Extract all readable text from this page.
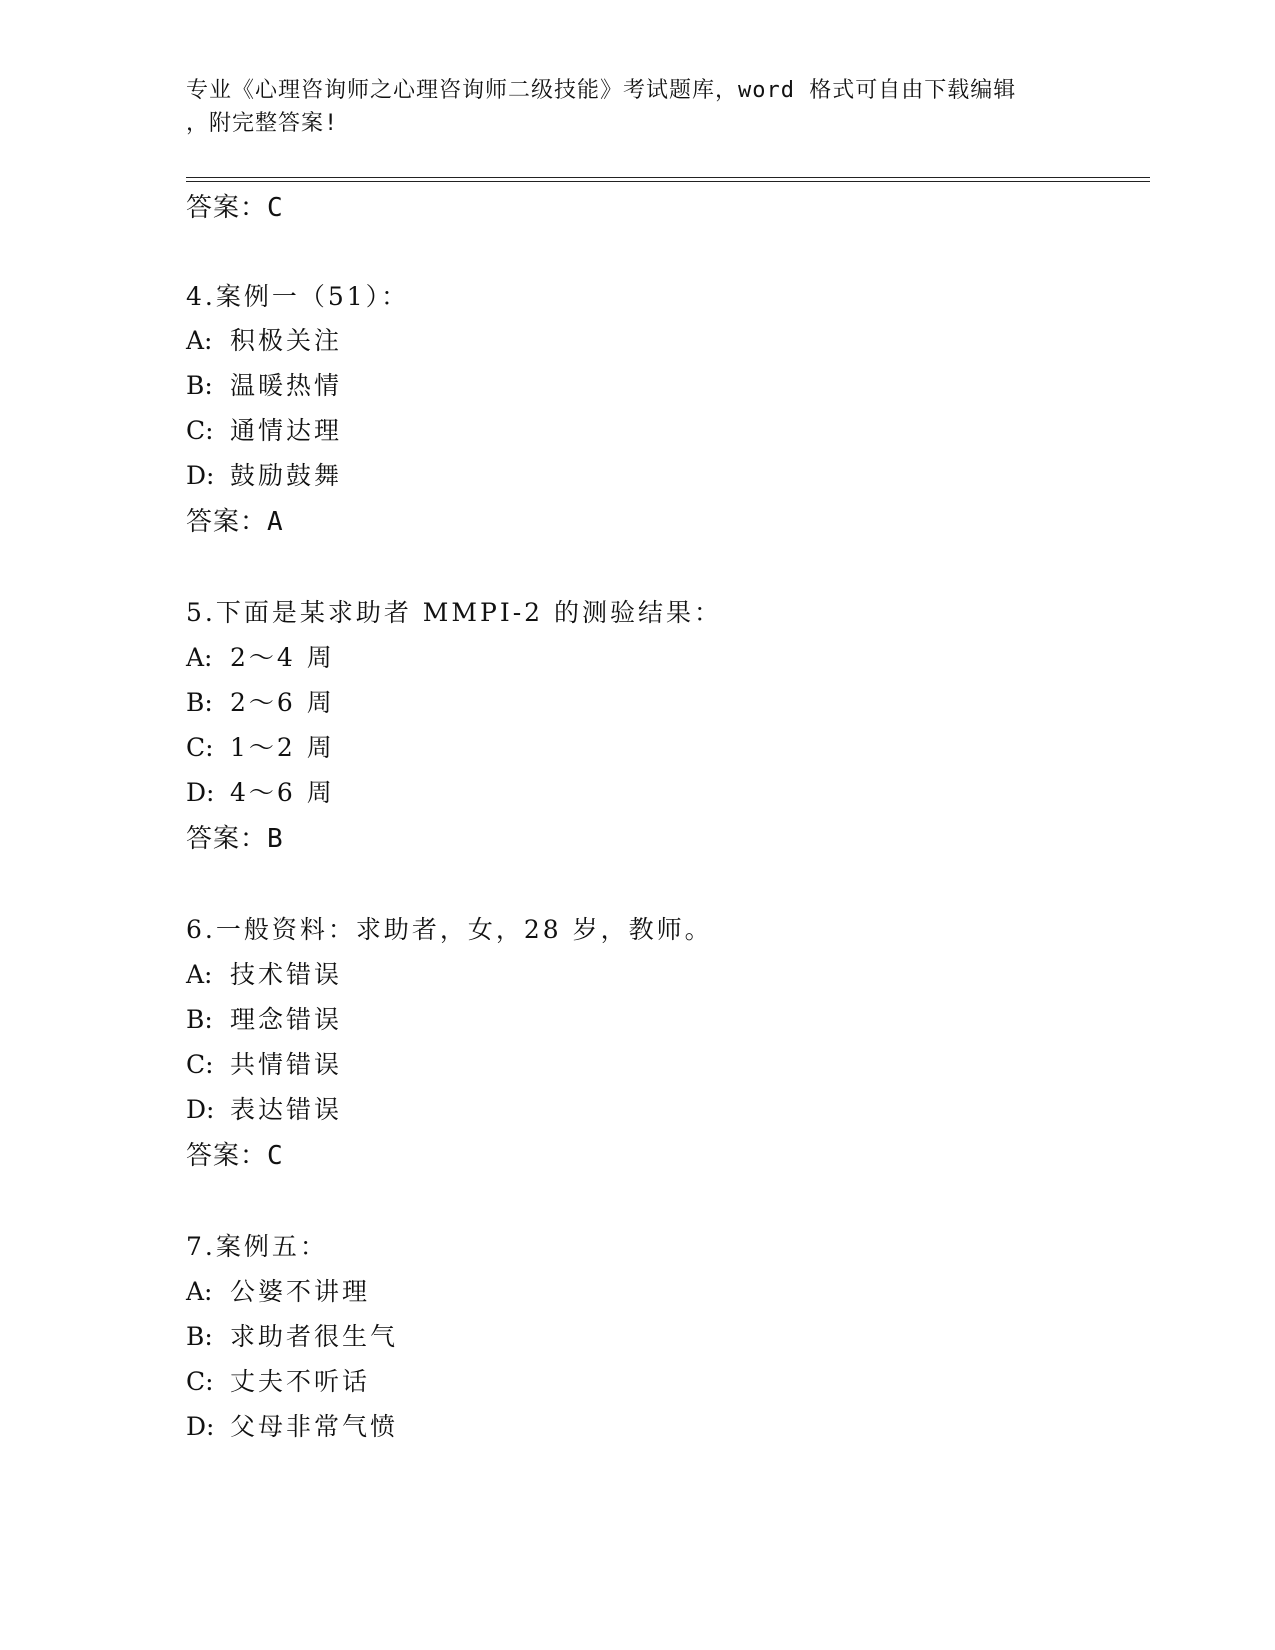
专业《心理咨询师之心理咨询师二级技能》考试题库，word 格式可自由下载编辑
，附完整答案!
答案：C
4.案例一（51）：
A: 积极关注
B: 温暖热情
C: 通情达理
D: 鼓励鼓舞
答案：A
5.下面是某求助者 MMPI-2 的测验结果：
A: 2～4 周
B: 2～6 周
C: 1～2 周
D: 4～6 周
答案：B
6.一般资料：求助者，女，28 岁，教师。
A: 技术错误
B: 理念错误
C: 共情错误
D: 表达错误
答案：C
7.案例五：
A: 公婆不讲理
B: 求助者很生气
C: 丈夫不听话
D: 父母非常气愤
